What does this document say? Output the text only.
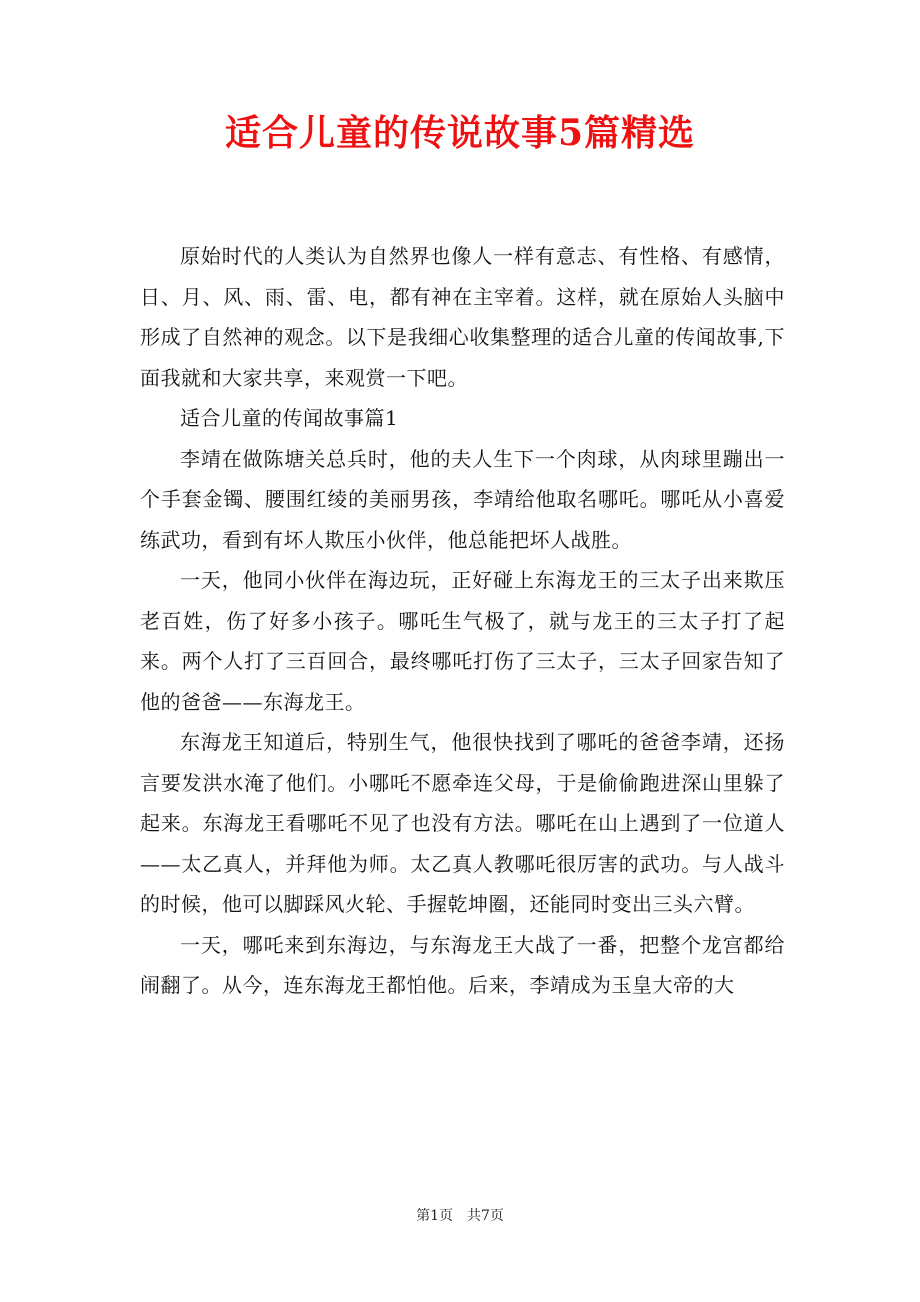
适合儿童的传说故事5篇精选

原始时代的人类认为自然界也像人一样有意志、有性格、有感情，日、月、风、雨、雷、电，都有神在主宰着。这样，就在原始人头脑中形成了自然神的观念。以下是我细心收集整理的适合儿童的传闻故事,下面我就和大家共享，来观赏一下吧。

适合儿童的传闻故事篇1

李靖在做陈塘关总兵时，他的夫人生下一个肉球，从肉球里蹦出一个手套金镯、腰围红绫的美丽男孩，李靖给他取名哪吒。哪吒从小喜爱练武功，看到有坏人欺压小伙伴，他总能把坏人战胜。

一天，他同小伙伴在海边玩，正好碰上东海龙王的三太子出来欺压老百姓，伤了好多小孩子。哪吒生气极了，就与龙王的三太子打了起来。两个人打了三百回合，最终哪吒打伤了三太子，三太子回家告知了他的爸爸——东海龙王。

东海龙王知道后，特别生气，他很快找到了哪吒的爸爸李靖，还扬言要发洪水淹了他们。小哪吒不愿牵连父母，于是偷偷跑进深山里躲了起来。东海龙王看哪吒不见了也没有方法。哪吒在山上遇到了一位道人——太乙真人，并拜他为师。太乙真人教哪吒很厉害的武功。与人战斗的时候，他可以脚踩风火轮、手握乾坤圈，还能同时变出三头六臂。

一天，哪吒来到东海边，与东海龙王大战了一番，把整个龙宫都给闹翻了。从今，连东海龙王都怕他。后来，李靖成为玉皇大帝的大

第1页 共7页
